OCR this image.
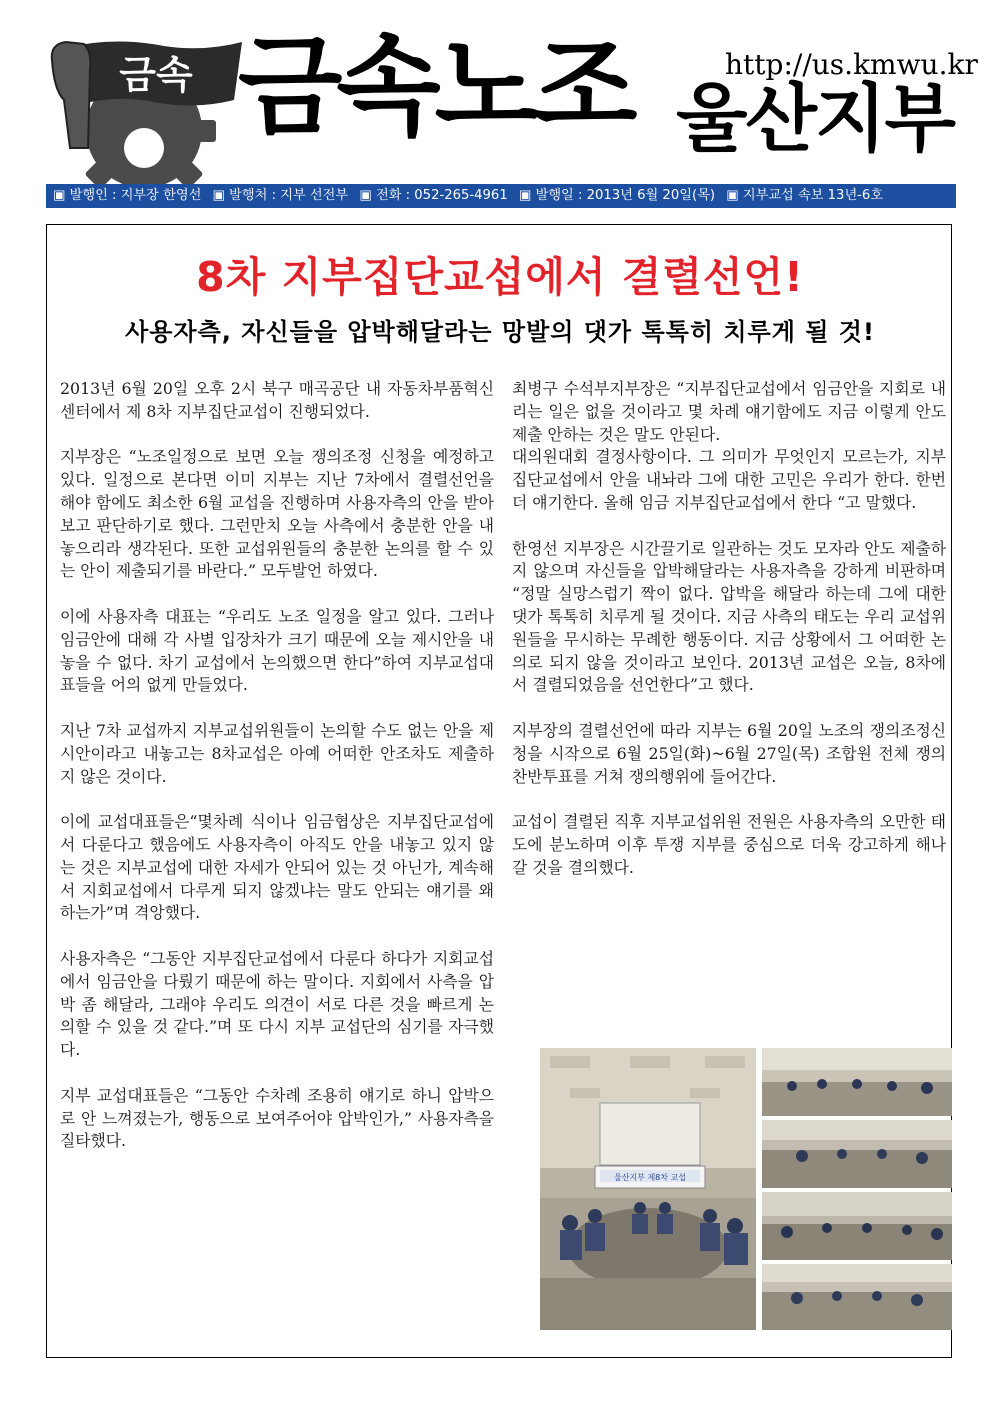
금속 금속노조	http://us.kmwu.kr
울산지부
▣ 발행인 : 지부장 한영선 ▣ 발행처 : 지부 선전부 ▣ 전화 : 052-265-4961 ▣ 발행일 : 2013년 6월 20일(목) ▣ 지부교섭 속보 13년-6호
8차 지부집단교섭에서 결렬선언!
사용자측, 자신들을 압박해달라는 망발의 댓가 톡톡히 치루게 될 것!

2013년 6월 20일 오후 2시 북구 매곡공단 내 자동차부품혁신센터에서 제 8차 지부집단교섭이 진행되었다.

지부장은 “노조일정으로 보면 오늘 쟁의조정 신청을 예정하고 있다. 일정으로 본다면 이미 지부는 지난 7차에서 결렬선언을 해야 함에도 최소한 6월 교섭을 진행하며 사용자측의 안을 받아보고 판단하기로 했다. 그런만치 오늘 사측에서 충분한 안을 내놓으리라 생각된다. 또한 교섭위원들의 충분한 논의를 할 수 있는 안이 제출되기를 바란다.” 모두발언 하였다.

이에 사용자측 대표는 “우리도 노조 일정을 알고 있다. 그러나 임금안에 대해 각 사별 입장차가 크기 때문에 오늘 제시안을 내놓을 수 없다. 차기 교섭에서 논의했으면 한다”하여 지부교섭대표들을 어의 없게 만들었다.

지난 7차 교섭까지 지부교섭위원들이 논의할 수도 없는 안을 제시안이라고 내놓고는 8차교섭은 아예 어떠한 안조차도 제출하지 않은 것이다.

이에 교섭대표들은“몇차례 식이나 임금협상은 지부집단교섭에서 다룬다고 했음에도 사용자측이 아직도 안을 내놓고 있지 않는 것은 지부교섭에 대한 자세가 안되어 있는 것 아닌가, 계속해서 지회교섭에서 다루게 되지 않겠냐는 말도 안되는 얘기를 왜 하는가”며 격앙했다.

사용자측은 “그동안 지부집단교섭에서 다룬다 하다가 지회교섭에서 임금안을 다뤘기 때문에 하는 말이다. 지회에서 사측을 압박 좀 해달라, 그래야 우리도 의견이 서로 다른 것을 빠르게 논의할 수 있을 것 같다.”며 또 다시 지부 교섭단의 심기를 자극했다.

지부 교섭대표들은 “그동안 수차례 조용히 얘기로 하니 압박으로 안 느껴졌는가, 행동으로 보여주어야 압박인가,” 사용자측을 질타했다.

최병구 수석부지부장은 “지부집단교섭에서 임금안을 지회로 내리는 일은 없을 것이라고 몇 차례 얘기함에도 지금 이렇게 안도 제출 안하는 것은 말도 안된다.

대의원대회 결정사항이다. 그 의미가 무엇인지 모르는가, 지부집단교섭에서 안을 내놔라 그에 대한 고민은 우리가 한다. 한번 더 얘기한다. 올해 임금 지부집단교섭에서 한다 “고 말했다.

한영선 지부장은 시간끌기로 일관하는 것도 모자라 안도 제출하지 않으며 자신들을 압박해달라는 사용자측을 강하게 비판하며 “정말 실망스럽기 짝이 없다. 압박을 해달라 하는데 그에 대한 댓가 톡톡히 치루게 될 것이다. 지금 사측의 태도는 우리 교섭위원들을 무시하는 무례한 행동이다. 지금 상황에서 그 어떠한 논의로 되지 않을 것이라고 보인다. 2013년 교섭은 오늘, 8차에서 결렬되었음을 선언한다”고 했다.

지부장의 결렬선언에 따라 지부는 6월 20일 노조의 쟁의조정신청을 시작으로 6월 25일(화)~6월 27일(목) 조합원 전체 쟁의찬반투표를 거쳐 쟁의행위에 들어간다.

교섭이 결렬된 직후 지부교섭위원 전원은 사용자측의 오만한 태도에 분노하며 이후 투쟁 지부를 중심으로 더욱 강고하게 해나갈 것을 결의했다.

울산지부 제8차 교섭
